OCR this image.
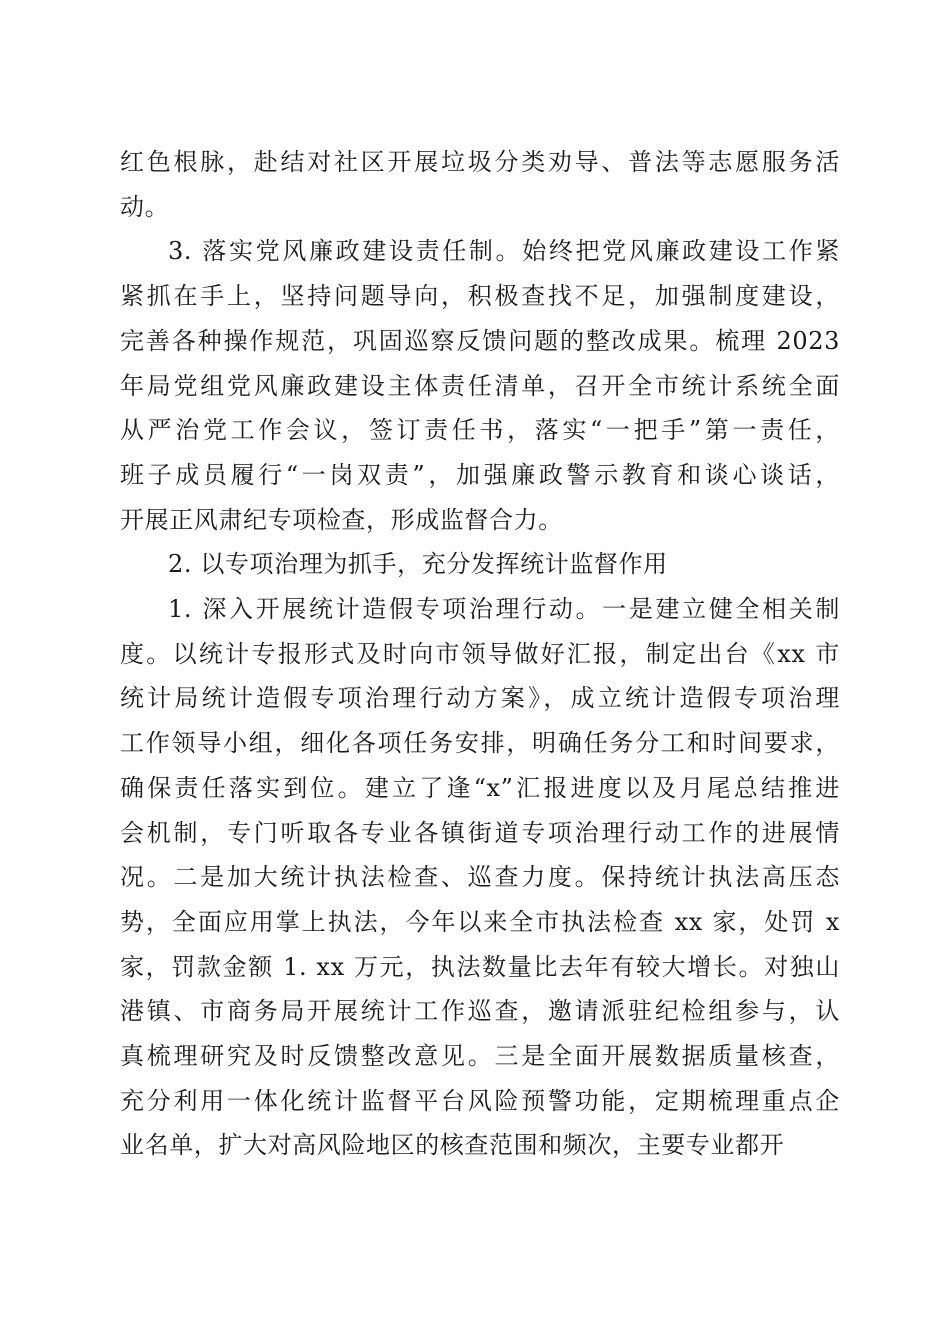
红色根脉，赴结对社区开展垃圾分类劝导、普法等志愿服务活
动。
3. 落实党风廉政建设责任制。始终把党风廉政建设工作紧
紧抓在手上，坚持问题导向，积极查找不足，加强制度建设，
完善各种操作规范，巩固巡察反馈问题的整改成果。梳理 2023
年局党组党风廉政建设主体责任清单，召开全市统计系统全面
从严治党工作会议，签订责任书，落实“一把手”第一责任，
班子成员履行“一岗双责”，加强廉政警示教育和谈心谈话，
开展正风肃纪专项检查，形成监督合力。
2. 以专项治理为抓手，充分发挥统计监督作用
1. 深入开展统计造假专项治理行动。一是建立健全相关制
度。以统计专报形式及时向市领导做好汇报，制定出台《xx 市
统计局统计造假专项治理行动方案》，成立统计造假专项治理
工作领导小组，细化各项任务安排，明确任务分工和时间要求，
确保责任落实到位。建立了逢“x”汇报进度以及月尾总结推进
会机制，专门听取各专业各镇街道专项治理行动工作的进展情
况。二是加大统计执法检查、巡查力度。保持统计执法高压态
势，全面应用掌上执法，今年以来全市执法检查 xx 家，处罚 x
家，罚款金额 1. xx 万元，执法数量比去年有较大增长。对独山
港镇、市商务局开展统计工作巡查，邀请派驻纪检组参与，认
真梳理研究及时反馈整改意见。三是全面开展数据质量核查，
充分利用一体化统计监督平台风险预警功能，定期梳理重点企
业名单，扩大对高风险地区的核查范围和频次，主要专业都开
